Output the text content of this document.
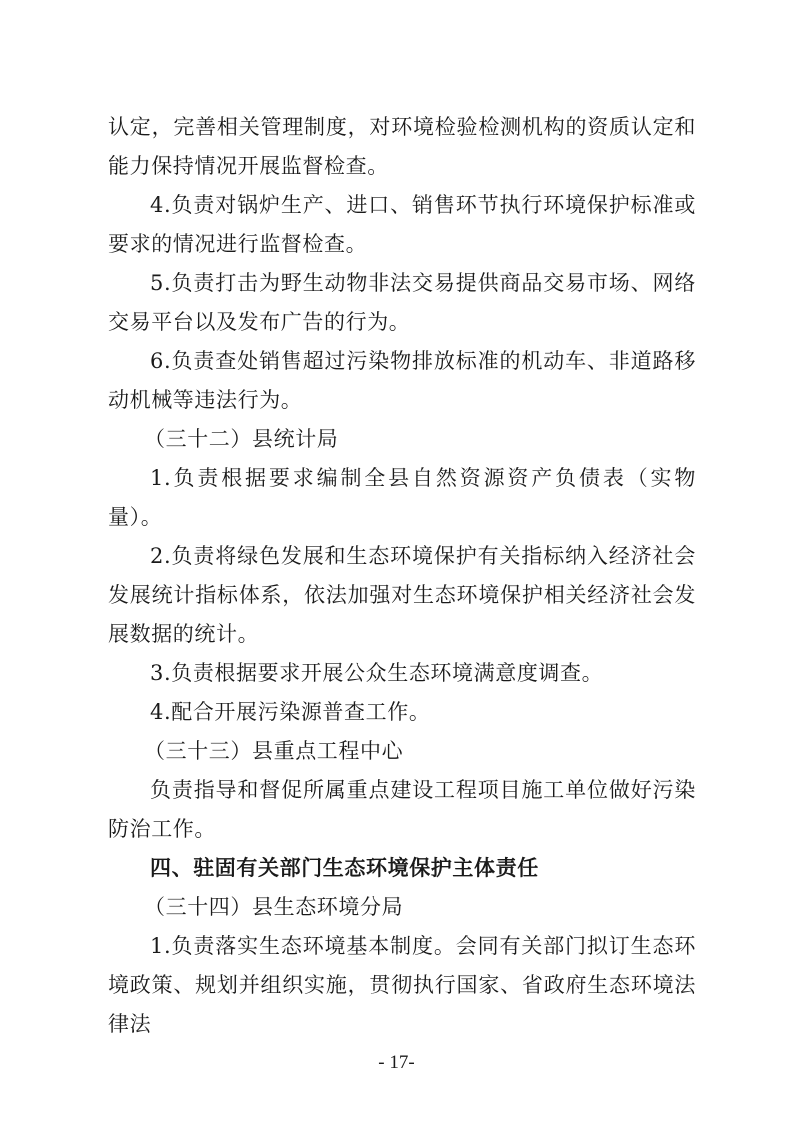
认定，完善相关管理制度，对环境检验检测机构的资质认定和能力保持情况开展监督检查。

4.负责对锅炉生产、进口、销售环节执行环境保护标准或要求的情况进行监督检查。

5.负责打击为野生动物非法交易提供商品交易市场、网络交易平台以及发布广告的行为。

6.负责查处销售超过污染物排放标准的机动车、非道路移动机械等违法行为。

（三十二）县统计局

1.负责根据要求编制全县自然资源资产负债表（实物量）。

2.负责将绿色发展和生态环境保护有关指标纳入经济社会发展统计指标体系，依法加强对生态环境保护相关经济社会发展数据的统计。

3.负责根据要求开展公众生态环境满意度调查。

4.配合开展污染源普查工作。

（三十三）县重点工程中心

负责指导和督促所属重点建设工程项目施工单位做好污染防治工作。

四、驻固有关部门生态环境保护主体责任

（三十四）县生态环境分局

1.负责落实生态环境基本制度。会同有关部门拟订生态环境政策、规划并组织实施，贯彻执行国家、省政府生态环境法律法

- 17-
